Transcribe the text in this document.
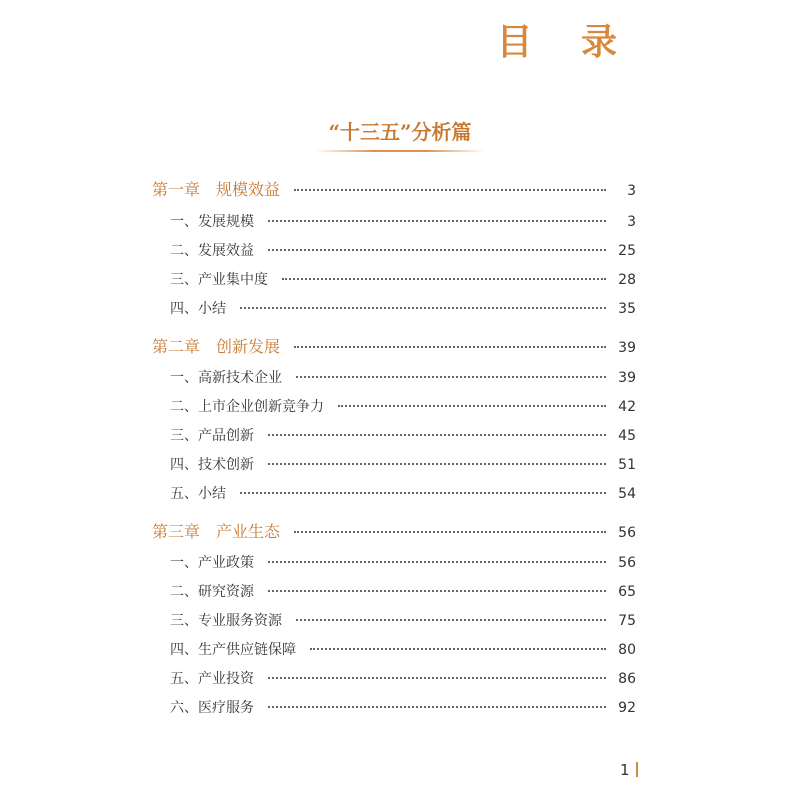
目 录
“十三五”分析篇
第一章　规模效益	3
一、发展规模	3
二、发展效益	25
三、产业集中度	28
四、小结	35
第二章　创新发展	39
一、高新技术企业	39
二、上市企业创新竞争力	42
三、产品创新	45
四、技术创新	51
五、小结	54
第三章　产业生态	56
一、产业政策	56
二、研究资源	65
三、专业服务资源	75
四、生产供应链保障	80
五、产业投资	86
六、医疗服务	92
1
